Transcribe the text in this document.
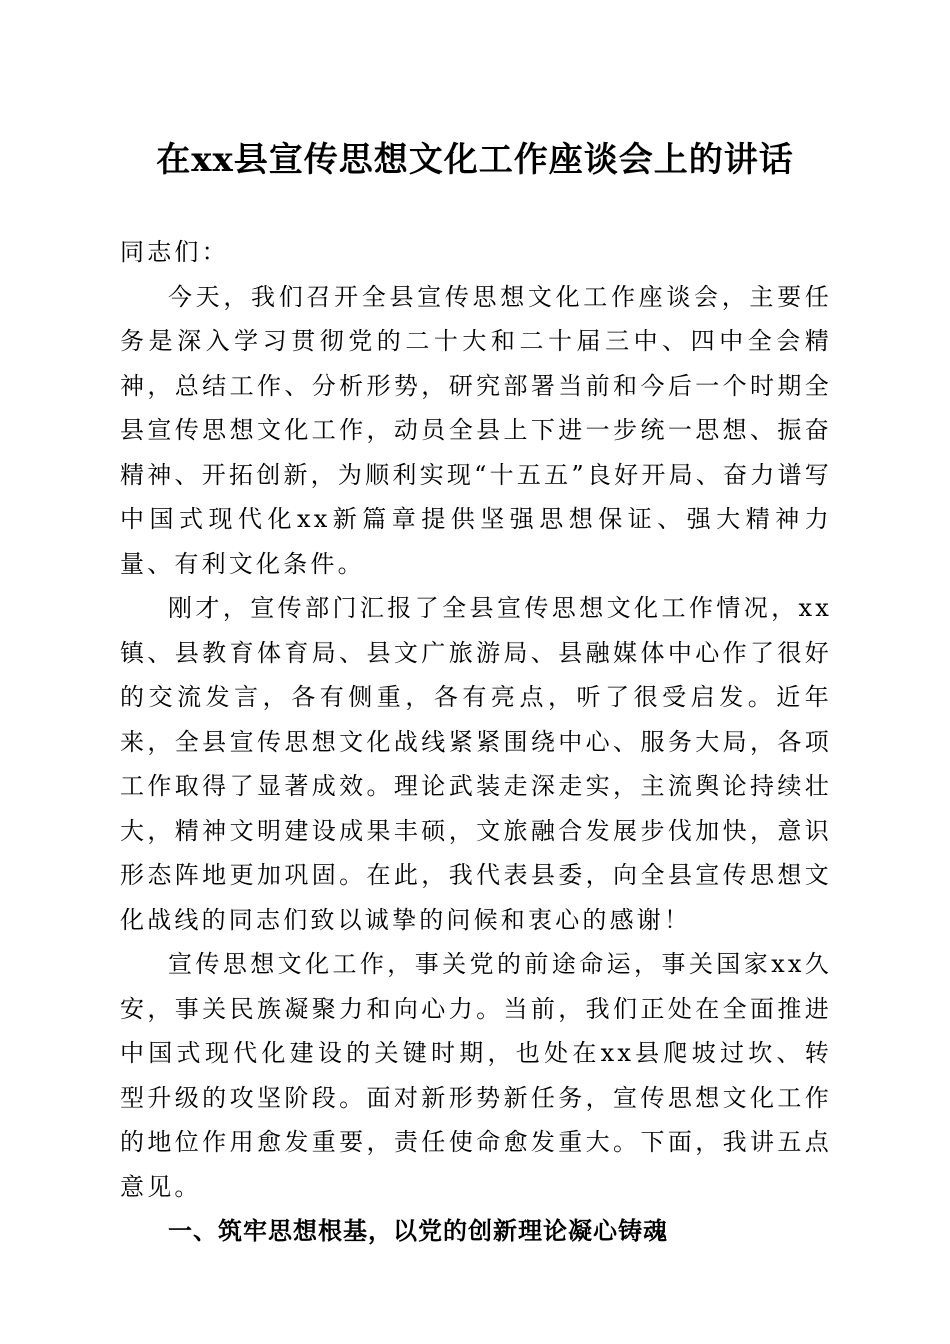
在xx县宣传思想文化工作座谈会上的讲话

同志们：

今天，我们召开全县宣传思想文化工作座谈会，主要任务是深入学习贯彻党的二十大和二十届三中、四中全会精神，总结工作、分析形势，研究部署当前和今后一个时期全县宣传思想文化工作，动员全县上下进一步统一思想、振奋精神、开拓创新，为顺利实现“十五五”良好开局、奋力谱写中国式现代化xx新篇章提供坚强思想保证、强大精神力量、有利文化条件。

刚才，宣传部门汇报了全县宣传思想文化工作情况，xx镇、县教育体育局、县文广旅游局、县融媒体中心作了很好的交流发言，各有侧重，各有亮点，听了很受启发。近年来，全县宣传思想文化战线紧紧围绕中心、服务大局，各项工作取得了显著成效。理论武装走深走实，主流舆论持续壮大，精神文明建设成果丰硕，文旅融合发展步伐加快，意识形态阵地更加巩固。在此，我代表县委，向全县宣传思想文化战线的同志们致以诚挚的问候和衷心的感谢！

宣传思想文化工作，事关党的前途命运，事关国家xx久安，事关民族凝聚力和向心力。当前，我们正处在全面推进中国式现代化建设的关键时期，也处在xx县爬坡过坎、转型升级的攻坚阶段。面对新形势新任务，宣传思想文化工作的地位作用愈发重要，责任使命愈发重大。下面，我讲五点意见。

一、筑牢思想根基，以党的创新理论凝心铸魂
